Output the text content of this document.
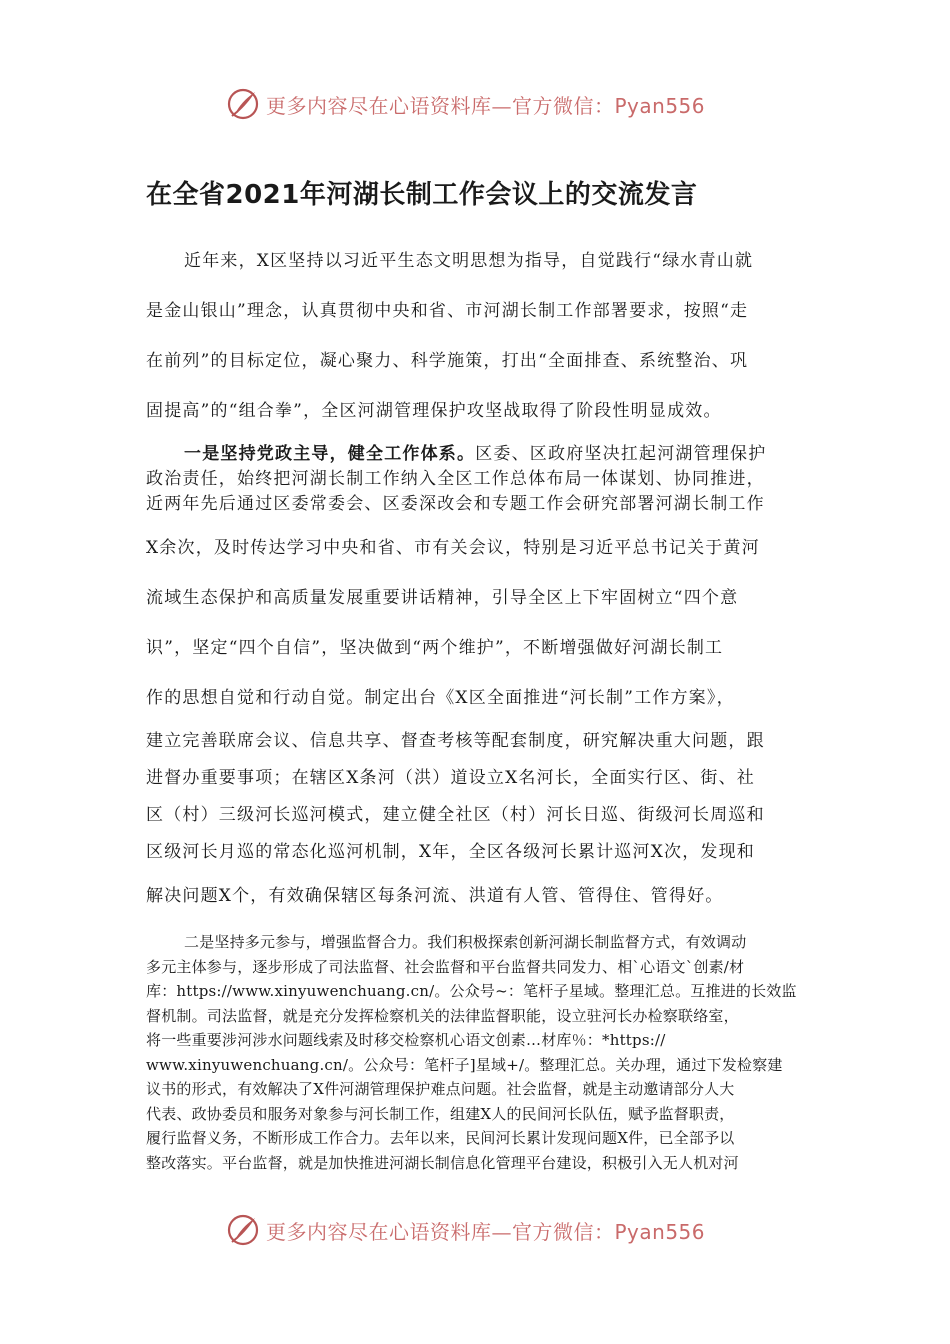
更多内容尽在心语资料库—官方微信：Pyan556
在全省2021年河湖长制工作会议上的交流发言
近年来，X区坚持以习近平生态文明思想为指导，自觉践行“绿水青山就
是金山银山”理念，认真贯彻中央和省、市河湖长制工作部署要求，按照“走
在前列”的目标定位，凝心聚力、科学施策，打出“全面排查、系统整治、巩
固提高”的“组合拳”，全区河湖管理保护攻坚战取得了阶段性明显成效。
一是坚持党政主导，健全工作体系。区委、区政府坚决扛起河湖管理保护
政治责任，始终把河湖长制工作纳入全区工作总体布局一体谋划、协同推进，
近两年先后通过区委常委会、区委深改会和专题工作会研究部署河湖长制工作
X余次，及时传达学习中央和省、市有关会议，特别是习近平总书记关于黄河
流域生态保护和高质量发展重要讲话精神，引导全区上下牢固树立“四个意
识”，坚定“四个自信”，坚决做到“两个维护”，不断增强做好河湖长制工
作的思想自觉和行动自觉。制定出台《X区全面推进“河长制”工作方案》，
建立完善联席会议、信息共享、督查考核等配套制度，研究解决重大问题，跟
进督办重要事项；在辖区X条河（洪）道设立X名河长，全面实行区、街、社
区（村）三级河长巡河模式，建立健全社区（村）河长日巡、街级河长周巡和
区级河长月巡的常态化巡河机制，X年，全区各级河长累计巡河X次，发现和
解决问题X个，有效确保辖区每条河流、洪道有人管、管得住、管得好。
二是坚持多元参与，增强监督合力。我们积极探索创新河湖长制监督方式，有效调动
多元主体参与，逐步形成了司法监督、社会监督和平台监督共同发力、相`心语文`创素/材
库：https://www.xinyuwenchuang.cn/。公众号~：笔杆子星域。整理汇总。互推进的长效监
督机制。司法监督，就是充分发挥检察机关的法律监督职能，设立驻河长办检察联络室，
将一些重要涉河涉水问题线索及时移交检察机心语文创素…材库％：*https://
www.xinyuwenchuang.cn/。公众号：笔杆子]星域+/。整理汇总。关办理，通过下发检察建
议书的形式，有效解决了X件河湖管理保护难点问题。社会监督，就是主动邀请部分人大
代表、政协委员和服务对象参与河长制工作，组建X人的民间河长队伍，赋予监督职责，
履行监督义务，不断形成工作合力。去年以来，民间河长累计发现问题X件，已全部予以
整改落实。平台监督，就是加快推进河湖长制信息化管理平台建设，积极引入无人机对河
更多内容尽在心语资料库—官方微信：Pyan556
